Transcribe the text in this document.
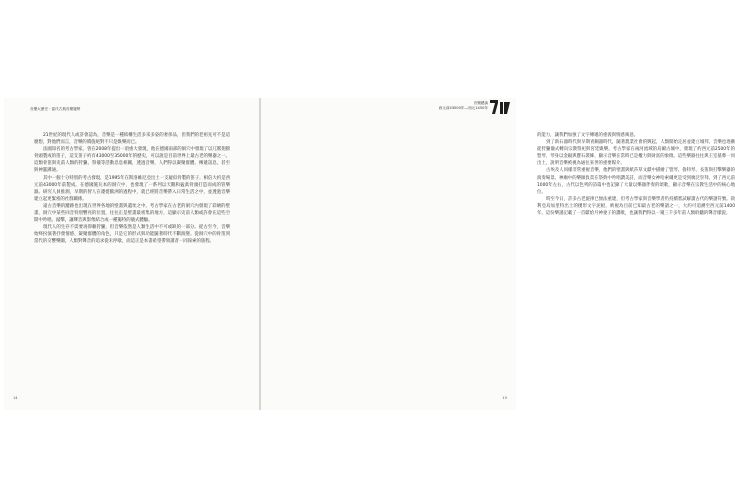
音樂大歷史・當代古典音樂趨勢

21世紀的現代人或許會認為，音樂是一種結構生活多采多姿的奢侈品，但我們的老祖先可不是這麼想，對他們而言，音樂的價值絕對不只是娛樂而已。

法國知名的考古學家，曾在2008年提出一項重大發現，他在德國南部的洞穴中發現了以兀鷲翅膀骨頭製成的笛子，這支笛子約有43000至35000年的歷史，可以說是目前世界上最古老的樂器之一。這類骨笛與史前人類的狩獵、祭儀等活動息息相關，透過音樂，人們得以凝聚群體、傳遞訊息，甚至與神靈溝通。

其中一個十分特別的考古發現，是1995年在斯洛維尼亞出土一支疑似骨製的笛子，相信大約是西元前43000年前製成。在德國施瓦本的洞穴中，也發現了一系列以天鵝和猛禽骨頭打造而成的管樂器。研究人員推測，早期的智人在遷徙歐洲的過程中，就已經將音樂帶入日常生活之中，並透過音樂建立起更緊密的社群關係。

遠古音樂的蹤跡也出現在世界各地的壁畫與遺址之中。考古學家在古老的洞穴內發現了彩繪的壁畫，洞穴中某些回音特別響亮的位置，往往正是壁畫最密集的地方，這顯示史前人類或許會在這些空間中吟唱、敲擊，讓聲音與影像結合成一種獨特的儀式體驗。

現代人的生存不需要再仰賴狩獵，但音樂依然是人類生活中不可或缺的一部分。從古至今，音樂始終扮演著抒發情感、凝聚群體的角色，只是它的形式與功能隨著時代不斷演變。從洞穴中的骨笛到當代的交響樂團，人類對聲音的追求從未停歇，而這正是本書希望帶領讀者一同探索的旅程。

14
音樂總論
西元前43000年—西元1450年

的能力，讓我們加強了文字傳遞的重義與情感寓意。

到了新石器時代與早期青銅器時代，隨著農業社會的興起，人類開始定居並建立城邦，音樂也逐漸從狩獵儀式轉向宗教祭祀與宮廷娛樂。考古學家在兩河流域的烏爾古城中，發現了約西元前2500年的豎琴，琴身以金銀與寶石裝飾，顯示音樂在當時已是權力與財富的象徵。這些樂器往往與王室墓葬一同出土，說明音樂被視為通往來世的重要媒介。

古埃及人同樣非常重視音樂，他們的壁畫與紙莎草文獻中描繪了豎琴、魯特琴、長笛與打擊樂器的演奏場景。神廟中的樂師負責在祭典中吟唱讚美詩，而音樂女神哈索爾更是受到廣泛崇拜。到了西元前1000年左右，古代以色列的詩篇中也記錄了大量以樂器伴奏的頌歌，顯示音樂在宗教生活中的核心地位。

時至今日，許多古老旋律已無法重建，但考古學家與音樂學者仍持續嘗試解讀古代的樂譜符號。敘利亞烏加里特出土的楔形文字泥板，被視為目前已知最古老的樂譜之一，大約可追溯至西元前1400年。這份樂譜記載了一首獻給月神妻子的讚歌，也讓我們得以一窺三千多年前人類聆聽的聲音樣貌。

15
